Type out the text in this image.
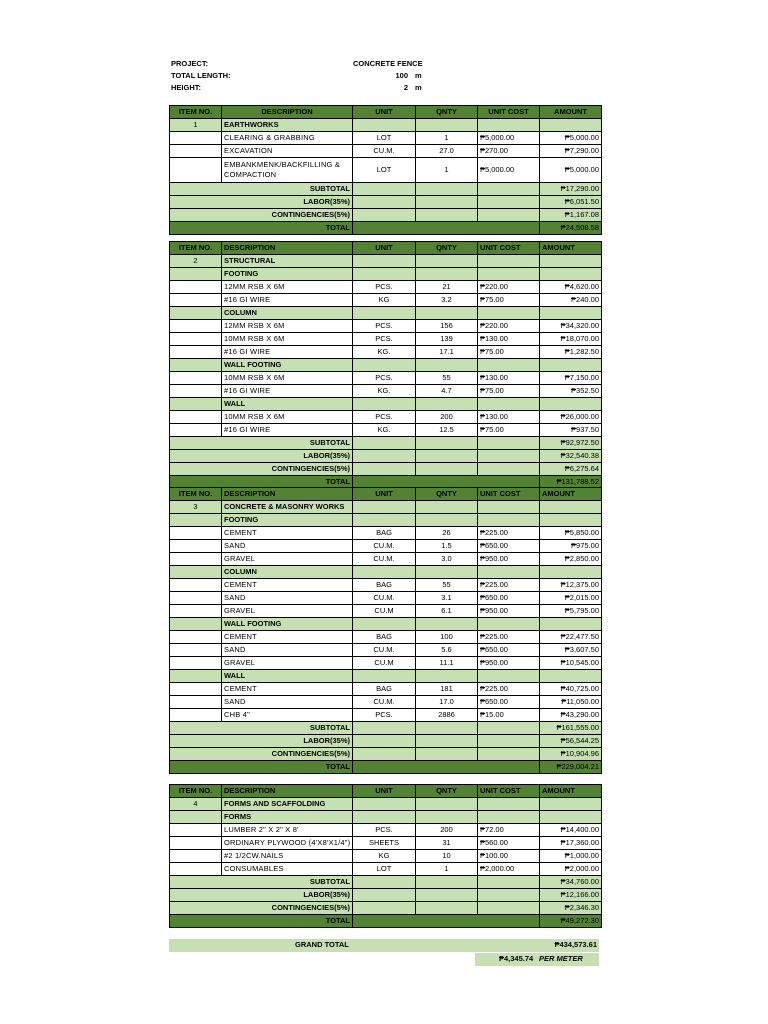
PROJECT:	CONCRETE FENCE
TOTAL LENGTH:	100 m
HEIGHT:	2 m
ITEM NO.	DESCRIPTION	UNIT	QNTY	UNIT COST	AMOUNT
1	EARTHWORKS				
	CLEARING & GRABBING	LOT	1	₱5,000.00	₱5,000.00
	EXCAVATION	CU.M.	27.0	₱270.00	₱7,290.00
	EMBANKMENK/BACKFILLING & COMPACTION	LOT	1	₱5,000.00	₱5,000.00
SUBTOTAL					₱17,290.00
LABOR(35%)					₱6,051.50
CONTINGENCIES(5%)					₱1,167.08
TOTAL					₱24,508.58
ITEM NO.	DESCRIPTION	UNIT	QNTY	UNIT COST	AMOUNT
2	STRUCTURAL				
	FOOTING				
	12MM RSB X 6M	PCS.	21	₱220.00	₱4,620.00
	#16 GI WIRE	KG	3.2	₱75.00	₱240.00
	COLUMN				
	12MM RSB X 6M	PCS.	156	₱220.00	₱34,320.00
	10MM RSB X 6M	PCS.	139	₱130.00	₱18,070.00
	#16 GI WIRE	KG.	17.1	₱75.00	₱1,282.50
	WALL FOOTING				
	10MM RSB X 6M	PCS.	55	₱130.00	₱7,150.00
	#16 GI WIRE	KG.	4.7	₱75.00	₱352.50
	WALL				
	10MM RSB X 6M	PCS.	200	₱130.00	₱26,000.00
	#16 GI WIRE	KG.	12.5	₱75.00	₱937.50
SUBTOTAL					₱92,972.50
LABOR(35%)					₱32,540.38
CONTINGENCIES(5%)					₱6,275.64
TOTAL					₱131,788.52
ITEM NO.	DESCRIPTION	UNIT	QNTY	UNIT COST	AMOUNT
3	CONCRETE & MASONRY WORKS				
	FOOTING				
	CEMENT	BAG	26	₱225.00	₱5,850.00
	SAND	CU.M.	1.5	₱650.00	₱975.00
	GRAVEL	CU.M.	3.0	₱950.00	₱2,850.00
	COLUMN				
	CEMENT	BAG	55	₱225.00	₱12,375.00
	SAND	CU.M.	3.1	₱650.00	₱2,015.00
	GRAVEL	CU.M	6.1	₱950.00	₱5,795.00
	WALL FOOTING				
	CEMENT	BAG	100	₱225.00	₱22,477.50
	SAND	CU.M.	5.6	₱650.00	₱3,607.50
	GRAVEL	CU.M	11.1	₱950.00	₱10,545.00
	WALL				
	CEMENT	BAG	181	₱225.00	₱40,725.00
	SAND	CU.M.	17.0	₱650.00	₱11,050.00
	CHB 4"	PCS.	2886	₱15.00	₱43,290.00
SUBTOTAL					₱161,555.00
LABOR(35%)					₱56,544.25
CONTINGENCIES(5%)					₱10,904.96
TOTAL					₱229,004.21
ITEM NO.	DESCRIPTION	UNIT	QNTY	UNIT COST	AMOUNT
4	FORMS AND SCAFFOLDING				
	FORMS				
	LUMBER 2" X 2" X 8'	PCS.	200	₱72.00	₱14,400.00
	ORDINARY PLYWOOD (4'X8'X1/4")	SHEETS	31	₱560.00	₱17,360.00
	#2 1/2CW.NAILS	KG	10	₱100.00	₱1,000.00
	CONSUMABLES	LOT	1	₱2,000.00	₱2,000.00
SUBTOTAL					₱34,760.00
LABOR(35%)					₱12,166.00
CONTINGENCIES(5%)					₱2,346.30
TOTAL					₱49,272.30
GRAND TOTAL	₱434,573.61
₱4,345.74 PER METER
